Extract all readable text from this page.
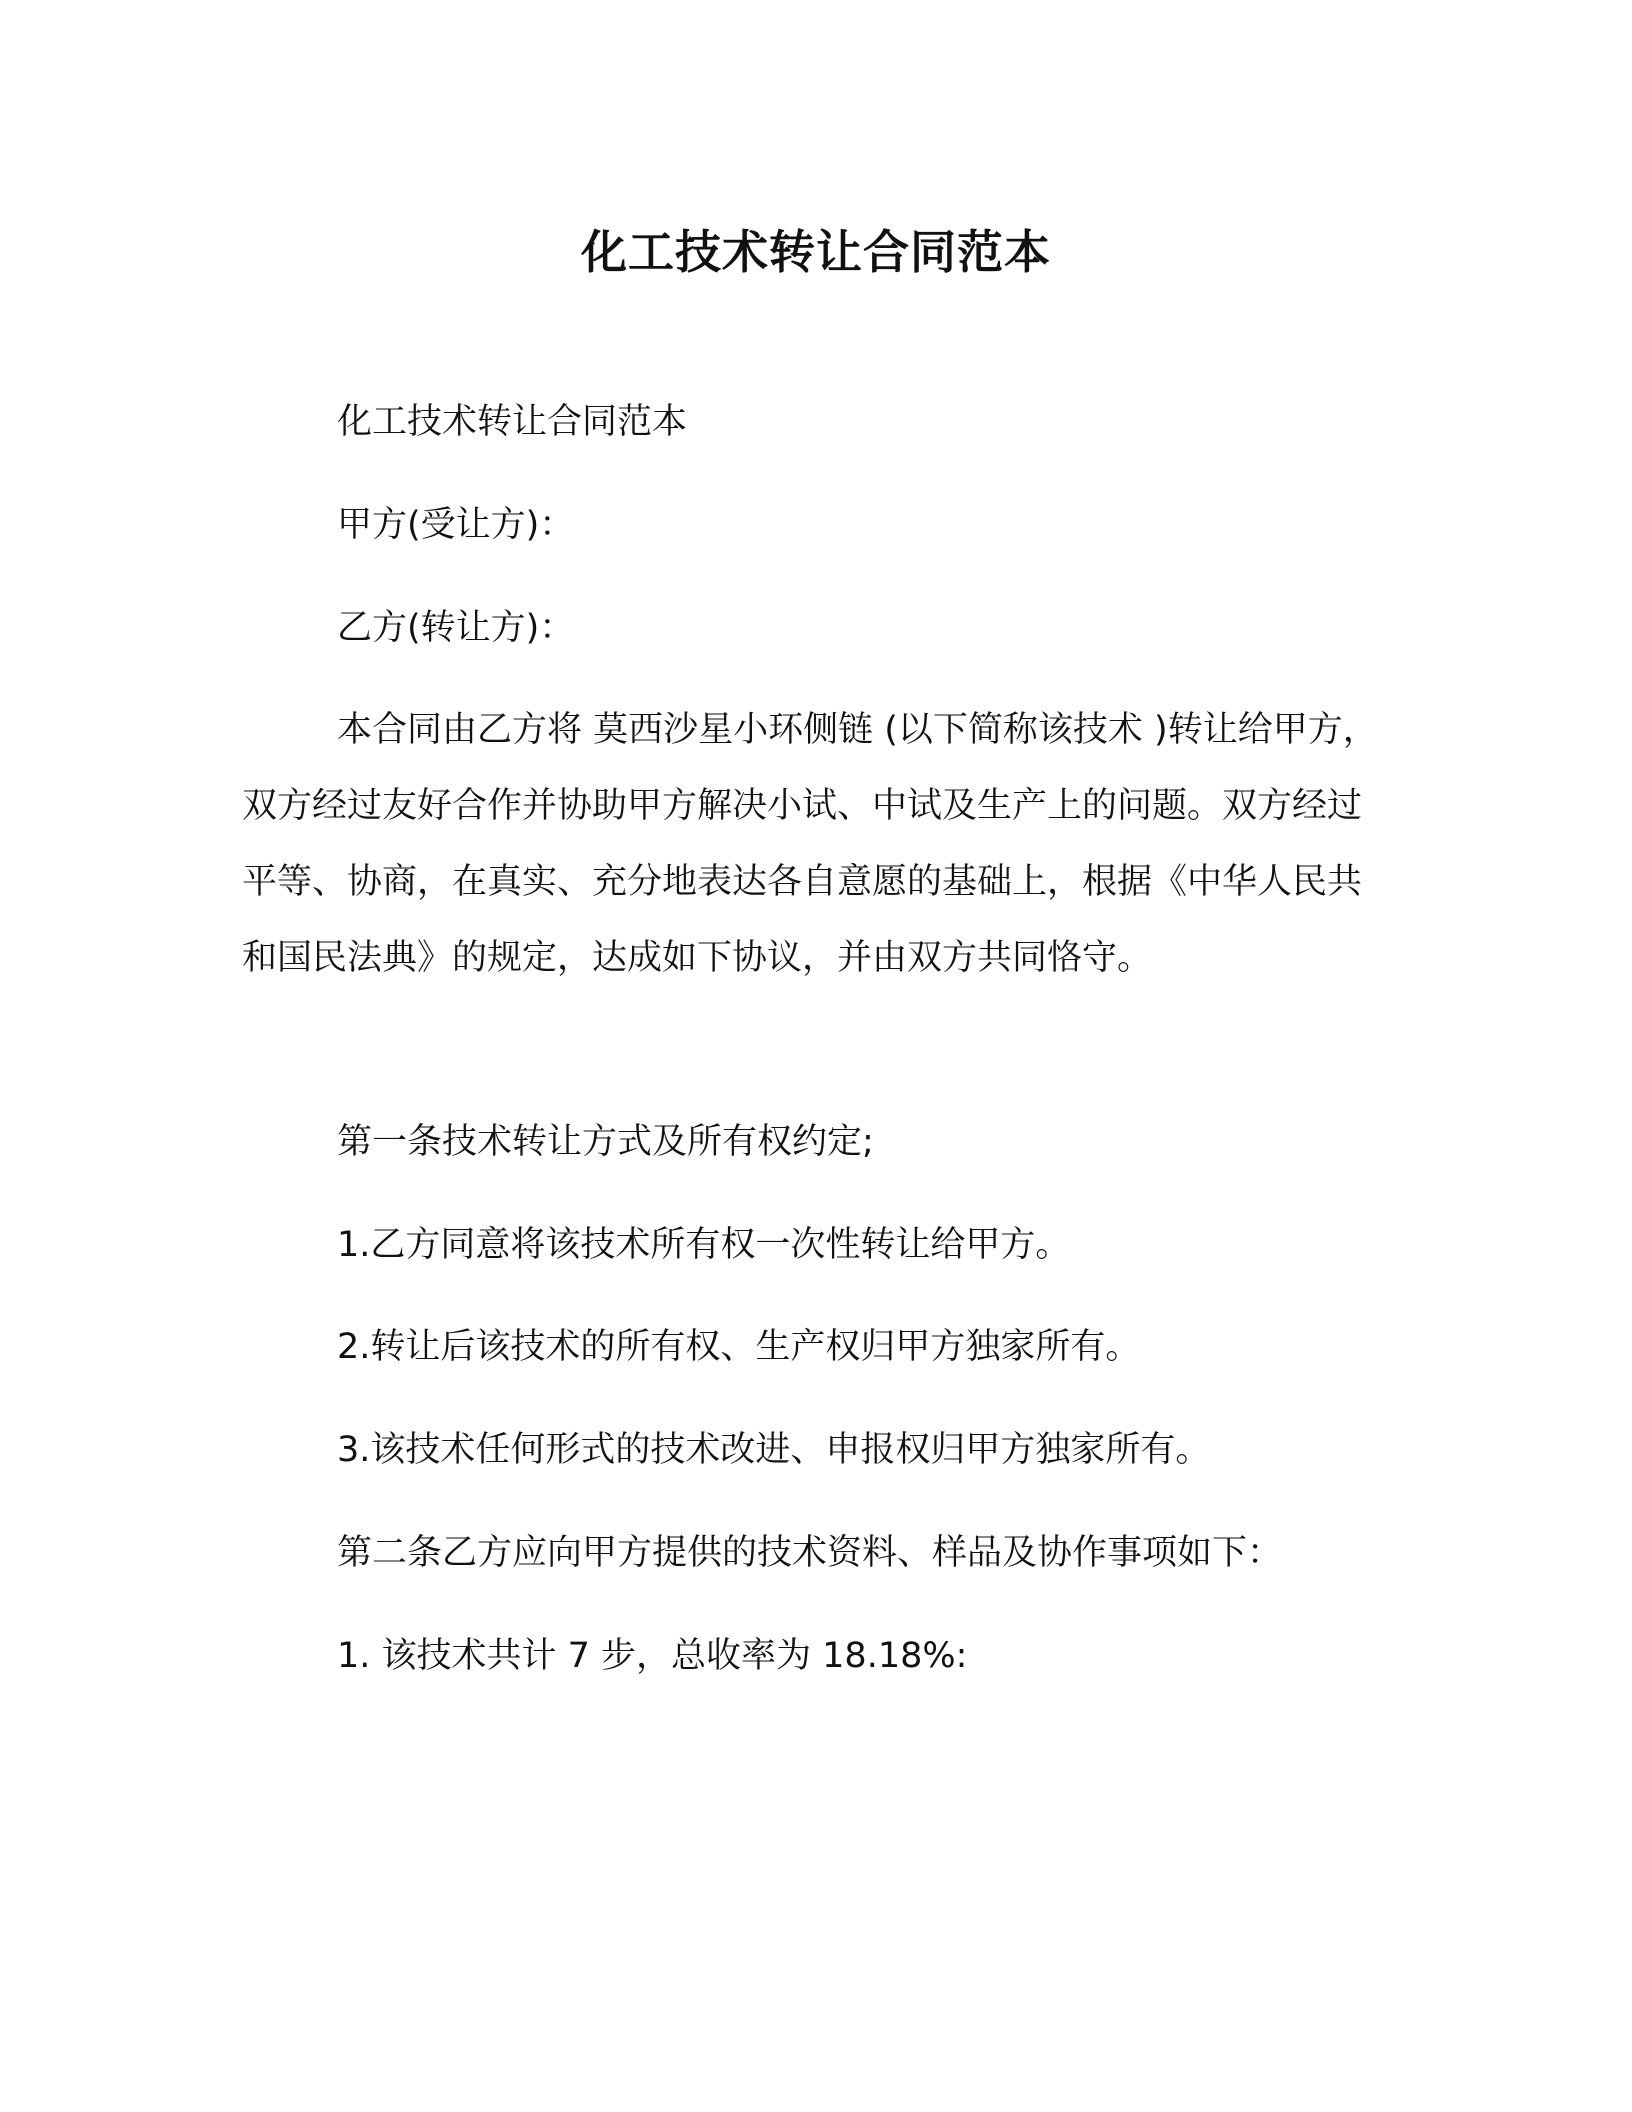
化工技术转让合同范本
化工技术转让合同范本
甲方(受让方)：
乙方(转让方)：

本合同由乙方将 莫西沙星小环侧链 (以下简称该技术 )转让给甲方，双方经过友好合作并协助甲方解决小试、中试及生产上的问题。双方经过平等、协商，在真实、充分地表达各自意愿的基础上，根据《中华人民共和国民法典》的规定，达成如下协议，并由双方共同恪守。

第一条技术转让方式及所有权约定;
1.乙方同意将该技术所有权一次性转让给甲方。
2.转让后该技术的所有权、生产权归甲方独家所有。
3.该技术任何形式的技术改进、申报权归甲方独家所有。
第二条乙方应向甲方提供的技术资料、样品及协作事项如下：
1. 该技术共计 7 步，总收率为 18.18%:
